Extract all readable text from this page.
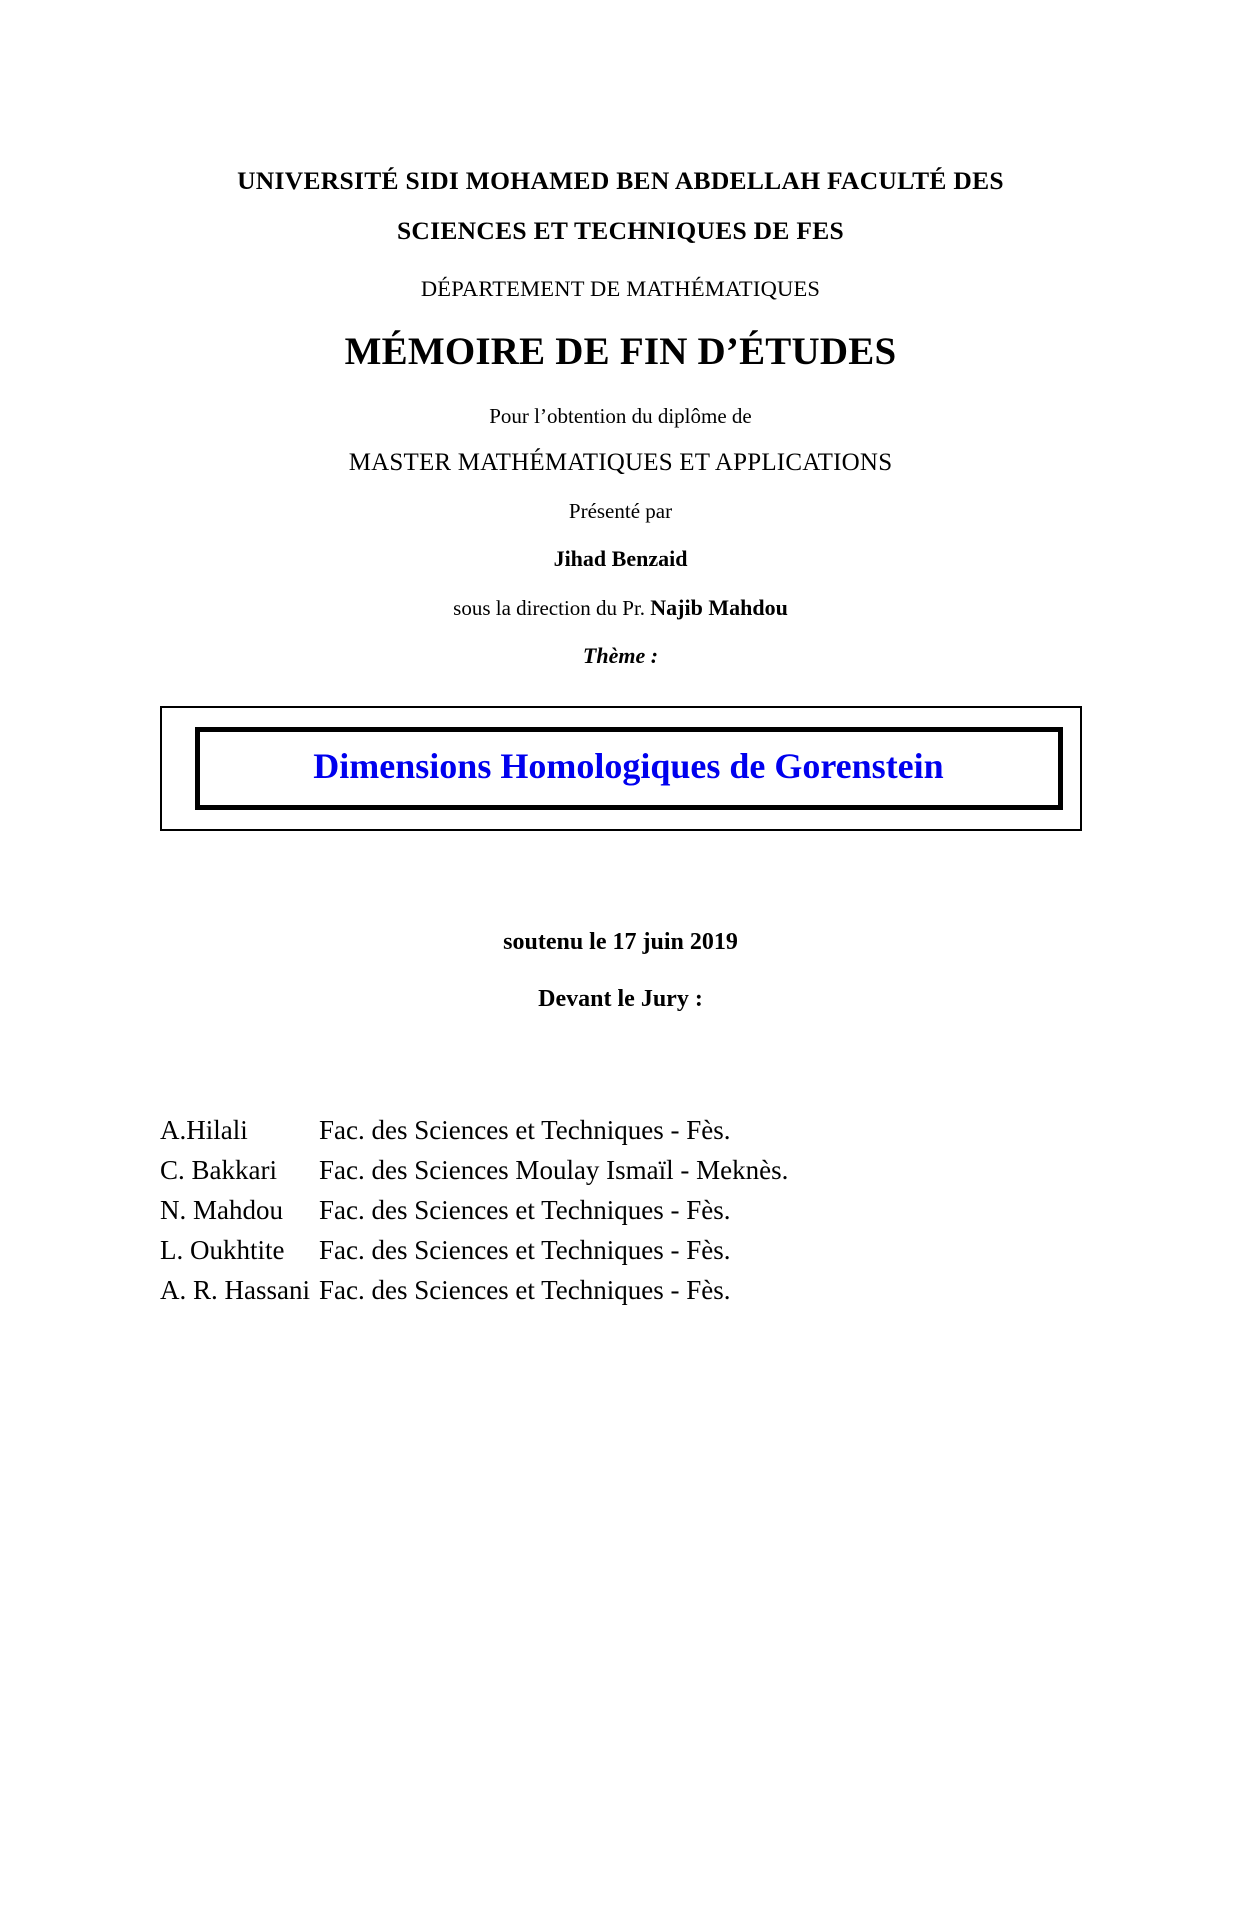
UNIVERSITÉ SIDI MOHAMED BEN ABDELLAH FACULTÉ DES
SCIENCES ET TECHNIQUES DE FES
DÉPARTEMENT DE MATHÉMATIQUES
MÉMOIRE DE FIN D’ÉTUDES
Pour l’obtention du diplôme de
MASTER MATHÉMATIQUES ET APPLICATIONS
Présenté par
Jihad Benzaid
sous la direction du Pr. Najib Mahdou
Thème :
Dimensions Homologiques de Gorenstein
soutenu le 17 juin 2019
Devant le Jury :
A.Hilali	Fac. des Sciences et Techniques - Fès.
C. Bakkari	Fac. des Sciences Moulay Ismaïl - Meknès.
N. Mahdou	Fac. des Sciences et Techniques - Fès.
L. Oukhtite	Fac. des Sciences et Techniques - Fès.
A. R. Hassani	Fac. des Sciences et Techniques - Fès.
